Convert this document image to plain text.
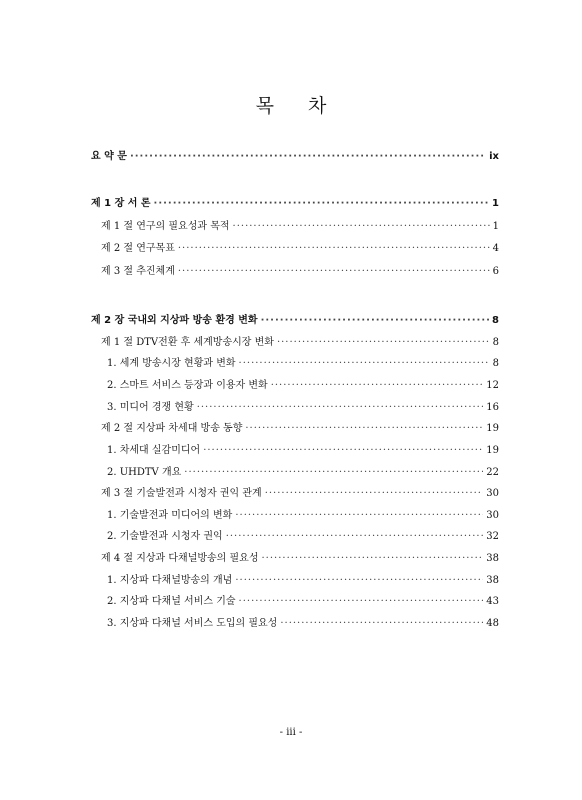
목 차
요 약 문 ·····	ix
제 1 장 서 론 ·····	1
제 1 절 연구의 필요성과 목적 ·····	1
제 2 절 연구목표 ·····	4
제 3 절 추진체계 ·····	6
제 2 장 국내외 지상파 방송 환경 변화 ·····	8
제 1 절 DTV전환 후 세계방송시장 변화 ·····	8
1. 세계 방송시장 현황과 변화 ·····	8
2. 스마트 서비스 등장과 이용자 변화 ·····	12
3. 미디어 경쟁 현황 ·····	16
제 2 절 지상파 차세대 방송 동향 ·····	19
1. 차세대 실감미디어 ·····	19
2. UHDTV 개요 ·····	22
제 3 절 기술발전과 시청자 권익 관계 ·····	30
1. 기술발전과 미디어의 변화 ·····	30
2. 기술발전과 시청자 권익 ·····	32
제 4 절 지상과 다채널방송의 필요성 ·····	38
1. 지상파 다채널방송의 개념 ·····	38
2. 지상파 다채널 서비스 기술 ·····	43
3. 지상파 다채널 서비스 도입의 필요성 ·····	48
- iii -
